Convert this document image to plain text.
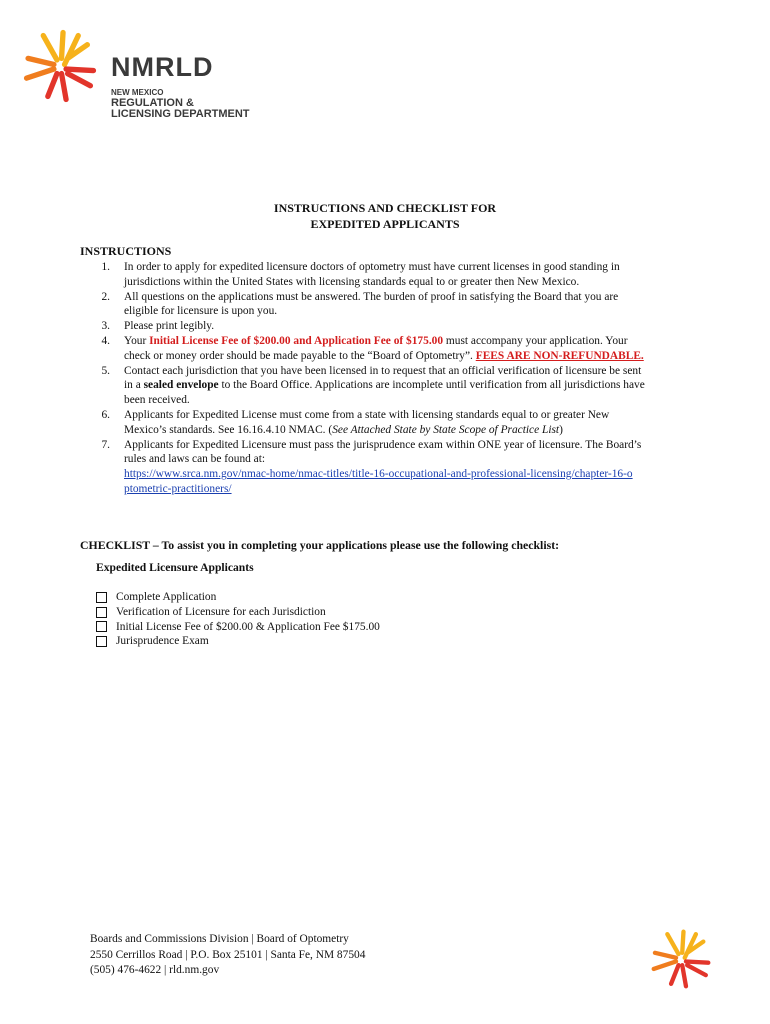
NMRLD
NEW MEXICO
REGULATION &
LICENSING DEPARTMENT
INSTRUCTIONS AND CHECKLIST FOR
EXPEDITED APPLICANTS
INSTRUCTIONS
1. In order to apply for expedited licensure doctors of optometry must have current licenses in good standing in jurisdictions within the United States with licensing standards equal to or greater then New Mexico.
2. All questions on the applications must be answered. The burden of proof in satisfying the Board that you are eligible for licensure is upon you.
3. Please print legibly.
4. Your Initial License Fee of $200.00 and Application Fee of $175.00 must accompany your application. Your check or money order should be made payable to the “Board of Optometry”. FEES ARE NON-REFUNDABLE.
5. Contact each jurisdiction that you have been licensed in to request that an official verification of licensure be sent in a sealed envelope to the Board Office. Applications are incomplete until verification from all jurisdictions have been received.
6. Applicants for Expedited License must come from a state with licensing standards equal to or greater New Mexico’s standards. See 16.16.4.10 NMAC. (See Attached State by State Scope of Practice List)
7. Applicants for Expedited Licensure must pass the jurisprudence exam within ONE year of licensure. The Board’s rules and laws can be found at:
https://www.srca.nm.gov/nmac-home/nmac-titles/title-16-occupational-and-professional-licensing/chapter-16-optometric-practitioners/
CHECKLIST – To assist you in completing your applications please use the following checklist:
Expedited Licensure Applicants
Complete Application
Verification of Licensure for each Jurisdiction
Initial License Fee of $200.00 & Application Fee $175.00
Jurisprudence Exam
Boards and Commissions Division | Board of Optometry
2550 Cerrillos Road | P.O. Box 25101 | Santa Fe, NM 87504
(505) 476-4622 | rld.nm.gov
